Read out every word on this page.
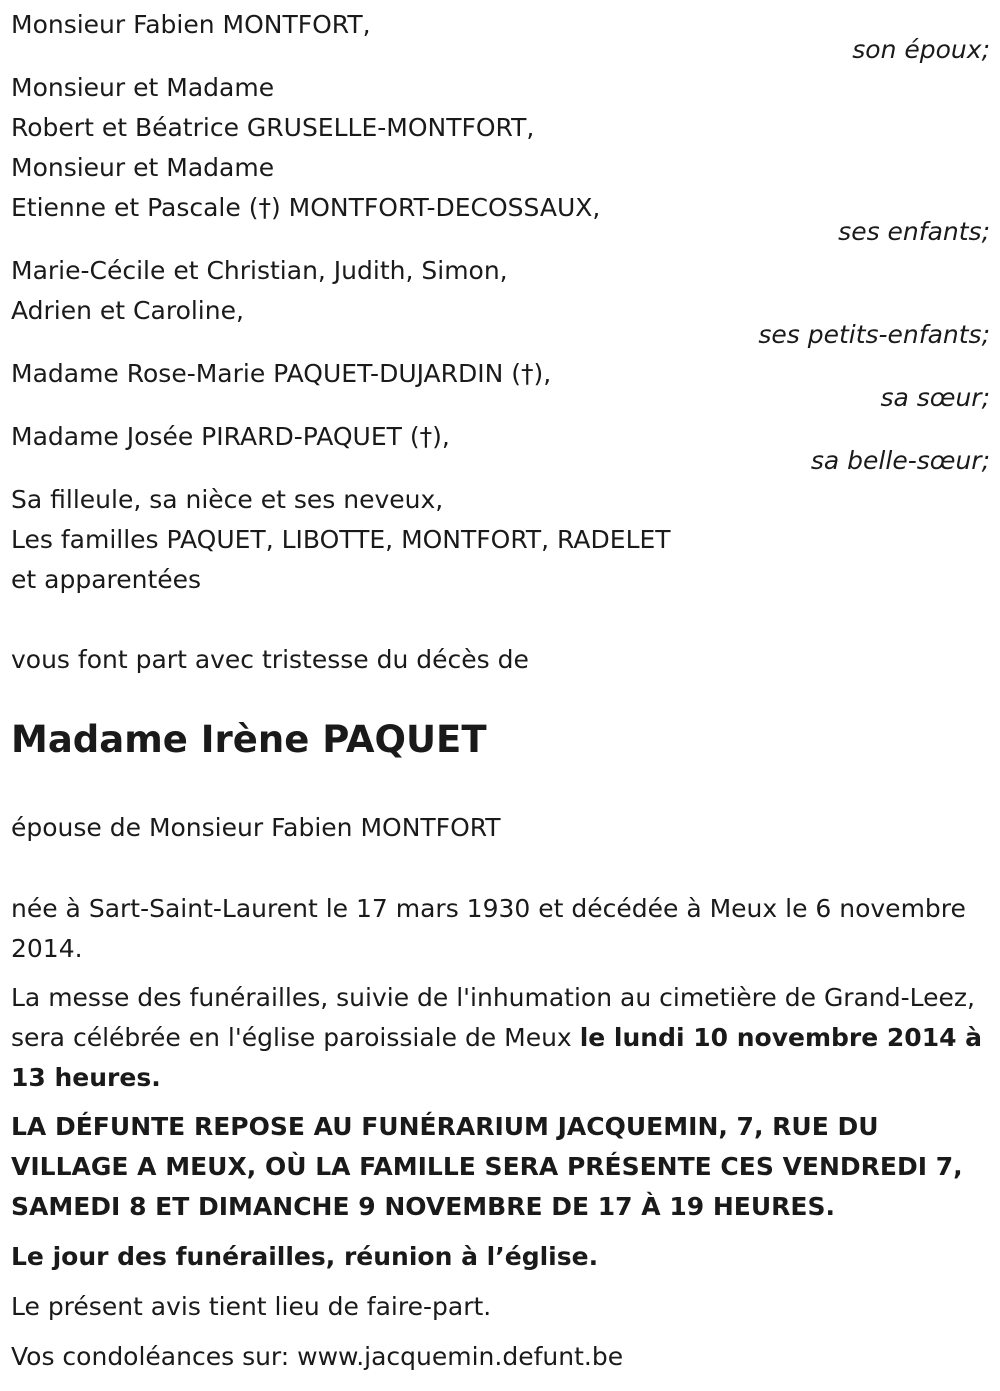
Monsieur Fabien MONTFORT,
son époux;
Monsieur et Madame
Robert et Béatrice GRUSELLE-MONTFORT,
Monsieur et Madame
Etienne et Pascale (†) MONTFORT-DECOSSAUX,
ses enfants;
Marie-Cécile et Christian, Judith, Simon,
Adrien et Caroline,
ses petits-enfants;
Madame Rose-Marie PAQUET-DUJARDIN (†),
sa sœur;
Madame Josée PIRARD-PAQUET (†),
sa belle-sœur;
Sa filleule, sa nièce et ses neveux,
Les familles PAQUET, LIBOTTE, MONTFORT, RADELET
et apparentées
vous font part avec tristesse du décès de
Madame Irène PAQUET
épouse de Monsieur Fabien MONTFORT
née à Sart-Saint-Laurent le 17 mars 1930 et décédée à Meux le 6 novembre 2014.
La messe des funérailles, suivie de l'inhumation au cimetière de Grand-Leez, sera célébrée en l'église paroissiale de Meux le lundi 10 novembre 2014 à 13 heures.
LA DÉFUNTE REPOSE AU FUNÉRARIUM JACQUEMIN, 7, RUE DU VILLAGE A MEUX, OÙ LA FAMILLE SERA PRÉSENTE CES VENDREDI 7, SAMEDI 8 ET DIMANCHE 9 NOVEMBRE DE 17 À 19 HEURES.
Le jour des funérailles, réunion à l’église.
Le présent avis tient lieu de faire-part.
Vos condoléances sur: www.jacquemin.defunt.be
